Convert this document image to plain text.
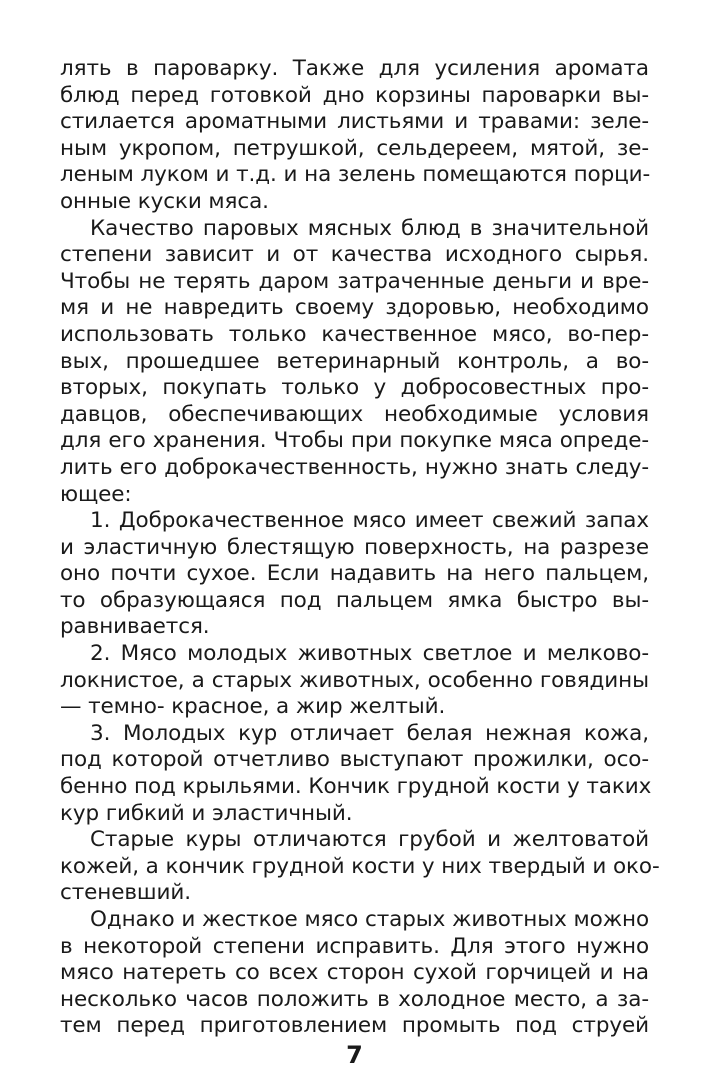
лять в пароварку. Также для усиления аромата
блюд перед готовкой дно корзины пароварки вы-
стилается ароматными листьями и травами: зеле-
ным укропом, петрушкой, сельдереем, мятой, зе-
леным луком и т.д. и на зелень помещаются порци-
онные куски мяса.
Качество паровых мясных блюд в значительной
степени зависит и от качества исходного сырья.
Чтобы не терять даром затраченные деньги и вре-
мя и не навредить своему здоровью, необходимо
использовать только качественное мясо, во-пер-
вых, прошедшее ветеринарный контроль, а во-
вторых, покупать только у добросовестных про-
давцов, обеспечивающих необходимые условия
для его хранения. Чтобы при покупке мяса опреде-
лить его доброкачественность, нужно знать следу-
ющее:
1. Доброкачественное мясо имеет свежий запах
и эластичную блестящую поверхность, на разрезе
оно почти сухое. Если надавить на него пальцем,
то образующаяся под пальцем ямка быстро вы-
равнивается.
2. Мясо молодых животных светлое и мелково-
локнистое, а старых животных, особенно говядины
— темно- красное, а жир желтый.
3. Молодых кур отличает белая нежная кожа,
под которой отчетливо выступают прожилки, осо-
бенно под крыльями. Кончик грудной кости у таких
кур гибкий и эластичный.
Старые куры отличаются грубой и желтоватой
кожей, а кончик грудной кости у них твердый и око-
стеневший.
Однако и жесткое мясо старых животных можно
в некоторой степени исправить. Для этого нужно
мясо натереть со всех сторон сухой горчицей и на
несколько часов положить в холодное место, а за-
тем перед приготовлением промыть под струей
7
